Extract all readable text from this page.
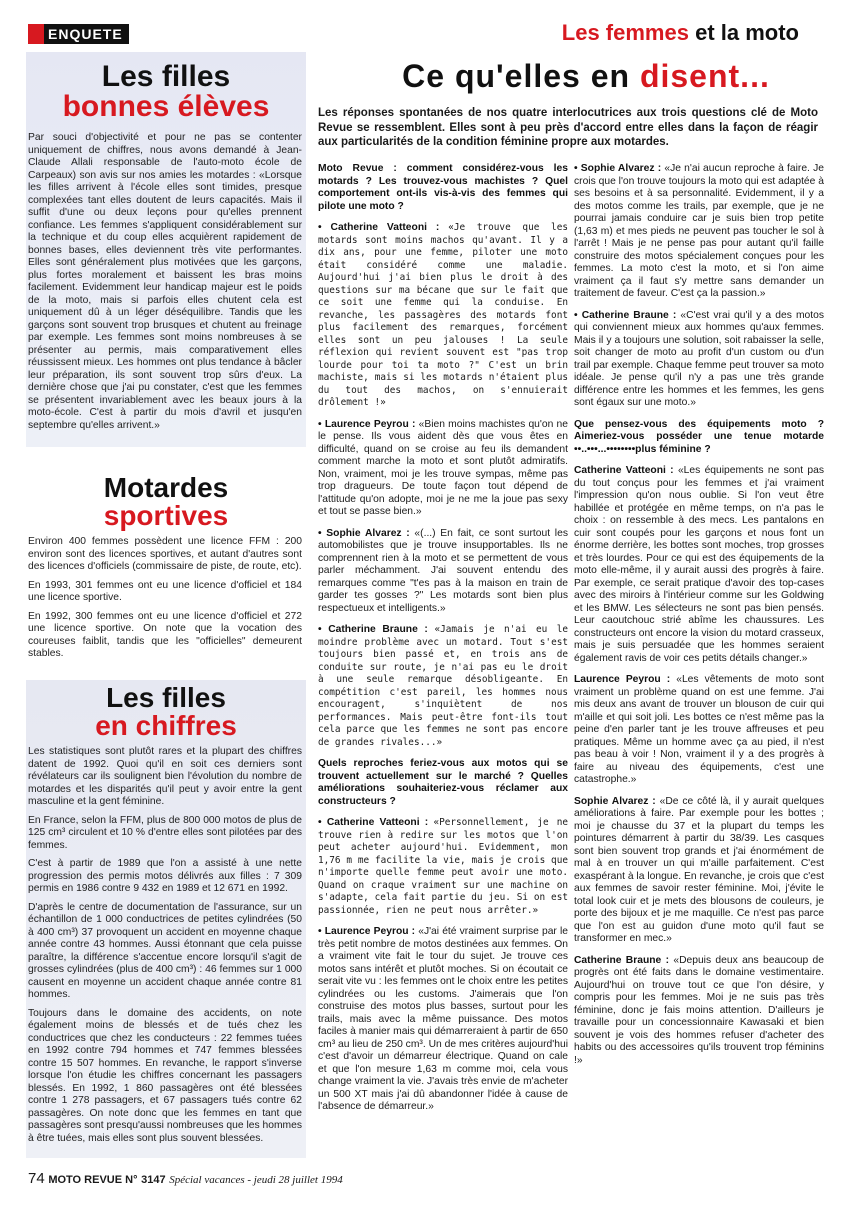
ENQUETE	Les femmes et la moto
Ce qu'elles en disent...

Les réponses spontanées de nos quatre interlocutrices aux trois questions clé de Moto Revue se ressemblent. Elles sont à peu près d'accord entre elles dans la façon de réagir aux particularités de la condition féminine propre aux motardes.

Les filles
bonnes élèves

Par souci d'objectivité et pour ne pas se contenter uniquement de chiffres, nous avons demandé à Jean-Claude Allali responsable de l'auto-moto école de Carpeaux) son avis sur nos amies les motardes : «Lorsque les filles arrivent à l'école elles sont timides, presque complexées tant elles doutent de leurs capacités. Mais il suffit d'une ou deux leçons pour qu'elles prennent confiance. Les femmes s'appliquent considérablement sur la technique et du coup elles acquièrent rapidement de bonnes bases, elles deviennent très vite performantes. Elles sont généralement plus motivées que les garçons, plus fortes moralement et baissent les bras moins facilement. Evidemment leur handicap majeur est le poids de la moto, mais si parfois elles chutent cela est uniquement dû à un léger déséquilibre. Tandis que les garçons sont souvent trop brusques et chutent au freinage par exemple. Les femmes sont moins nombreuses à se présenter au permis, mais comparativement elles réussissent mieux. Les hommes ont plus tendance à bâcler leur préparation, ils sont souvent trop sûrs d'eux. La dernière chose que j'ai pu constater, c'est que les femmes se présentent invariablement avec les beaux jours à la moto-école. C'est à partir du mois d'avril et jusqu'en septembre qu'elles arrivent.»

Motardes
sportives

Environ 400 femmes possèdent une licence FFM : 200 environ sont des licences sportives, et autant d'autres sont des licences d'officiels (commissaire de piste, de route, etc).

En 1993, 301 femmes ont eu une licence d'officiel et 184 une licence sportive.

En 1992, 300 femmes ont eu une licence d'officiel et 272 une licence sportive. On note que la vocation des coureuses faiblit, tandis que les "officielles" demeurent stables.

Les filles
en chiffres

Les statistiques sont plutôt rares et la plupart des chiffres datent de 1992. Quoi qu'il en soit ces derniers sont révélateurs car ils soulignent bien l'évolution du nombre de motardes et les disparités qu'il peut y avoir entre la gent masculine et la gent féminine.

En France, selon la FFM, plus de 800 000 motos de plus de 125 cm³ circulent et 10 % d'entre elles sont pilotées par des femmes.

C'est à partir de 1989 que l'on a assisté à une nette progression des permis motos délivrés aux filles : 7 309 permis en 1986 contre 9 432 en 1989 et 12 671 en 1992.

D'après le centre de documentation de l'assurance, sur un échantillon de 1 000 conductrices de petites cylindrées (50 à 400 cm³) 37 provoquent un accident en moyenne chaque année contre 43 hommes. Aussi étonnant que cela puisse paraître, la différence s'accentue encore lorsqu'il s'agit de grosses cylindrées (plus de 400 cm³) : 46 femmes sur 1 000 causent en moyenne un accident chaque année contre 81 hommes.

Toujours dans le domaine des accidents, on note également moins de blessés et de tués chez les conductrices que chez les conducteurs : 22 femmes tuées en 1992 contre 794 hommes et 747 femmes blessées contre 15 507 hommes. En revanche, le rapport s'inverse lorsque l'on étudie les chiffres concernant les passagers blessés. En 1992, 1 860 passagères ont été blessées contre 1 278 passagers, et 67 passagers tués contre 62 passagères. On note donc que les femmes en tant que passagères sont presqu'aussi nombreuses que les hommes à être tuées, mais elles sont plus souvent blessées.

Moto Revue : comment considérez-vous les motards ? Les trouvez-vous machistes ? Quel comportement ont-ils vis-à-vis des femmes qui pilote une moto ?

• Catherine Vatteoni : «Je trouve que les motards sont moins machos qu'avant. Il y a dix ans, pour une femme, piloter une moto était considéré comme une maladie. Aujourd'hui j'ai bien plus le droit à des questions sur ma bécane que sur le fait que ce soit une femme qui la conduise. En revanche, les passagères des motards font plus facilement des remarques, forcément elles sont un peu jalouses ! La seule réflexion qui revient souvent est "pas trop lourde pour toi ta moto ?" C'est un brin machiste, mais si les motards n'étaient plus du tout des machos, on s'ennuierait drôlement !»

• Laurence Peyrou : «Bien moins machistes qu'on ne le pense. Ils vous aident dès que vous êtes en difficulté, quand on se croise au feu ils demandent comment marche la moto et sont plutôt admiratifs. Non, vraiment, moi je les trouve sympas, même pas trop dragueurs. De toute façon tout dépend de l'attitude qu'on adopte, moi je ne me la joue pas sexy et tout se passe bien.»

• Sophie Alvarez : «(...) En fait, ce sont surtout les automobilistes que je trouve insupportables. Ils ne comprennent rien à la moto et se permettent de vous parler méchamment. J'ai souvent entendu des remarques comme "t'es pas à la maison en train de garder tes gosses ?" Les motards sont bien plus respectueux et intelligents.»

• Catherine Braune : «Jamais je n'ai eu le moindre problème avec un motard. Tout s'est toujours bien passé et, en trois ans de conduite sur route, je n'ai pas eu le droit à une seule remarque désobligeante. En compétition c'est pareil, les hommes nous encouragent, s'inquiètent de nos performances. Mais peut-être font-ils tout cela parce que les femmes ne sont pas encore de grandes rivales...»

Quels reproches feriez-vous aux motos qui se trouvent actuellement sur le marché ? Quelles améliorations souhaiteriez-vous réclamer aux constructeurs ?

• Catherine Vatteoni : «Personnellement, je ne trouve rien à redire sur les motos que l'on peut acheter aujourd'hui. Evidemment, mon 1,76 m me facilite la vie, mais je crois que n'importe quelle femme peut avoir une moto. Quand on craque vraiment sur une machine on s'adapte, cela fait partie du jeu. Si on est passionnée, rien ne peut nous arrêter.»

• Laurence Peyrou : «J'ai été vraiment surprise par le très petit nombre de motos destinées aux femmes. On a vraiment vite fait le tour du sujet. Je trouve ces motos sans intérêt et plutôt moches. Si on écoutait ce serait vite vu : les femmes ont le choix entre les petites cylindrées ou les customs. J'aimerais que l'on construise des motos plus basses, surtout pour les trails, mais avec la même puissance. Des motos faciles à manier mais qui démarreraient à partir de 650 cm³ au lieu de 250 cm³. Un de mes critères aujourd'hui c'est d'avoir un démarreur électrique. Quand on cale et que l'on mesure 1,63 m comme moi, cela vous change vraiment la vie. J'avais très envie de m'acheter un 500 XT mais j'ai dû abandonner l'idée à cause de l'absence de démarreur.»

• Sophie Alvarez : «Je n'ai aucun reproche à faire. Je crois que l'on trouve toujours la moto qui est adaptée à ses besoins et à sa personnalité. Evidemment, il y a des motos comme les trails, par exemple, que je ne pourrai jamais conduire car je suis bien trop petite (1,63 m) et mes pieds ne peuvent pas toucher le sol à l'arrêt ! Mais je ne pense pas pour autant qu'il faille construire des motos spécialement conçues pour les femmes. La moto c'est la moto, et si l'on aime vraiment ça il faut s'y mettre sans demander un traitement de faveur. C'est ça la passion.»

• Catherine Braune : «C'est vrai qu'il y a des motos qui conviennent mieux aux hommes qu'aux femmes. Mais il y a toujours une solution, soit rabaisser la selle, soit changer de moto au profit d'un custom ou d'un trail par exemple. Chaque femme peut trouver sa moto idéale. Je pense qu'il n'y a pas une très grande différence entre les hommes et les femmes, les gens sont égaux sur une moto.»

Que pensez-vous des équipements moto ? Aimeriez-vous posséder une tenue motarde ••..•••...••••••••plus féminine ?

Catherine Vatteoni : «Les équipements ne sont pas du tout conçus pour les femmes et j'ai vraiment l'impression qu'on nous oublie. Si l'on veut être habillée et protégée en même temps, on n'a pas le choix : on ressemble à des mecs. Les pantalons en cuir sont coupés pour les garçons et nous font un énorme derrière, les bottes sont moches, trop grosses et très lourdes. Pour ce qui est des équipements de la moto elle-même, il y aurait aussi des progrès à faire. Par exemple, ce serait pratique d'avoir des top-cases avec des miroirs à l'intérieur comme sur les Goldwing et les BMW. Les sélecteurs ne sont pas bien pensés. Leur caoutchouc strié abîme les chaussures. Les constructeurs ont encore la vision du motard crasseux, mais je suis persuadée que les hommes seraient également ravis de voir ces petits détails changer.»

Laurence Peyrou : «Les vêtements de moto sont vraiment un problème quand on est une femme. J'ai mis deux ans avant de trouver un blouson de cuir qui m'aille et qui soit joli. Les bottes ce n'est même pas la peine d'en parler tant je les trouve affreuses et peu pratiques. Même un homme avec ça au pied, il n'est pas beau à voir ! Non, vraiment il y a des progrès à faire au niveau des équipements, c'est une catastrophe.»

Sophie Alvarez : «De ce côté là, il y aurait quelques améliorations à faire. Par exemple pour les bottes ; moi je chausse du 37 et la plupart du temps les pointures démarrent à partir du 38/39. Les casques sont bien souvent trop grands et j'ai énormément de mal à en trouver un qui m'aille parfaitement. C'est exaspérant à la longue. En revanche, je crois que c'est aux femmes de savoir rester féminine. Moi, j'évite le total look cuir et je mets des blousons de couleurs, je porte des bijoux et je me maquille. Ce n'est pas parce que l'on est au guidon d'une moto qu'il faut se transformer en mec.»

Catherine Braune : «Depuis deux ans beaucoup de progrès ont été faits dans le domaine vestimentaire. Aujourd'hui on trouve tout ce que l'on désire, y compris pour les femmes. Moi je ne suis pas très féminine, donc je fais moins attention. D'ailleurs je travaille pour un concessionnaire Kawasaki et bien souvent je vois des hommes refuser d'acheter des habits ou des accessoires qu'ils trouvent trop féminins !»

74 MOTO REVUE N° 3147 Spécial vacances - jeudi 28 juillet 1994
